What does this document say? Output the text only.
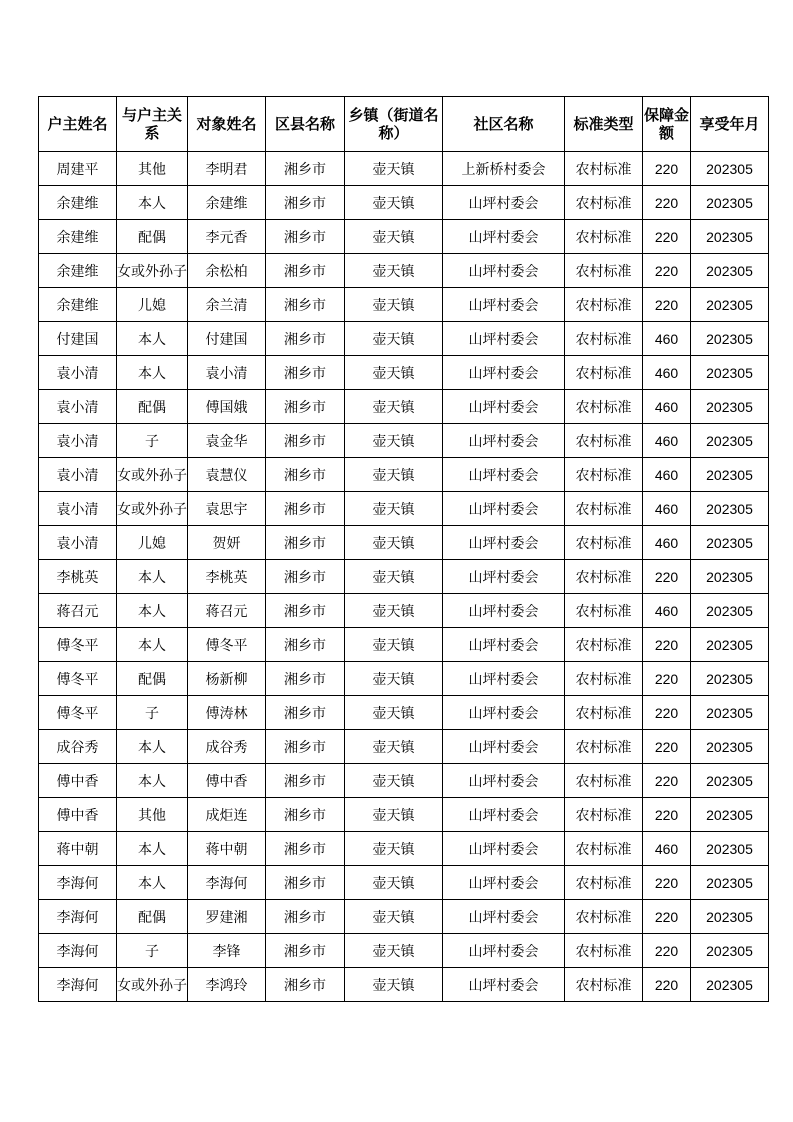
户主姓名	与户主关系	对象姓名	区县名称	乡镇（街道名称）	社区名称	标准类型	保障金额	享受年月
周建平	其他	李明君	湘乡市	壶天镇	上新桥村委会	农村标准	220	202305
余建维	本人	余建维	湘乡市	壶天镇	山坪村委会	农村标准	220	202305
余建维	配偶	李元香	湘乡市	壶天镇	山坪村委会	农村标准	220	202305
余建维	女或外孙子	余松柏	湘乡市	壶天镇	山坪村委会	农村标准	220	202305
余建维	儿媳	余兰清	湘乡市	壶天镇	山坪村委会	农村标准	220	202305
付建国	本人	付建国	湘乡市	壶天镇	山坪村委会	农村标准	460	202305
袁小清	本人	袁小清	湘乡市	壶天镇	山坪村委会	农村标准	460	202305
袁小清	配偶	傅国娥	湘乡市	壶天镇	山坪村委会	农村标准	460	202305
袁小清	子	袁金华	湘乡市	壶天镇	山坪村委会	农村标准	460	202305
袁小清	女或外孙子	袁慧仪	湘乡市	壶天镇	山坪村委会	农村标准	460	202305
袁小清	女或外孙子	袁思宇	湘乡市	壶天镇	山坪村委会	农村标准	460	202305
袁小清	儿媳	贺妍	湘乡市	壶天镇	山坪村委会	农村标准	460	202305
李桃英	本人	李桃英	湘乡市	壶天镇	山坪村委会	农村标准	220	202305
蒋召元	本人	蒋召元	湘乡市	壶天镇	山坪村委会	农村标准	460	202305
傅冬平	本人	傅冬平	湘乡市	壶天镇	山坪村委会	农村标准	220	202305
傅冬平	配偶	杨新柳	湘乡市	壶天镇	山坪村委会	农村标准	220	202305
傅冬平	子	傅涛林	湘乡市	壶天镇	山坪村委会	农村标准	220	202305
成谷秀	本人	成谷秀	湘乡市	壶天镇	山坪村委会	农村标准	220	202305
傅中香	本人	傅中香	湘乡市	壶天镇	山坪村委会	农村标准	220	202305
傅中香	其他	成炬连	湘乡市	壶天镇	山坪村委会	农村标准	220	202305
蒋中朝	本人	蒋中朝	湘乡市	壶天镇	山坪村委会	农村标准	460	202305
李海何	本人	李海何	湘乡市	壶天镇	山坪村委会	农村标准	220	202305
李海何	配偶	罗建湘	湘乡市	壶天镇	山坪村委会	农村标准	220	202305
李海何	子	李锋	湘乡市	壶天镇	山坪村委会	农村标准	220	202305
李海何	女或外孙子	李鸿玲	湘乡市	壶天镇	山坪村委会	农村标准	220	202305
